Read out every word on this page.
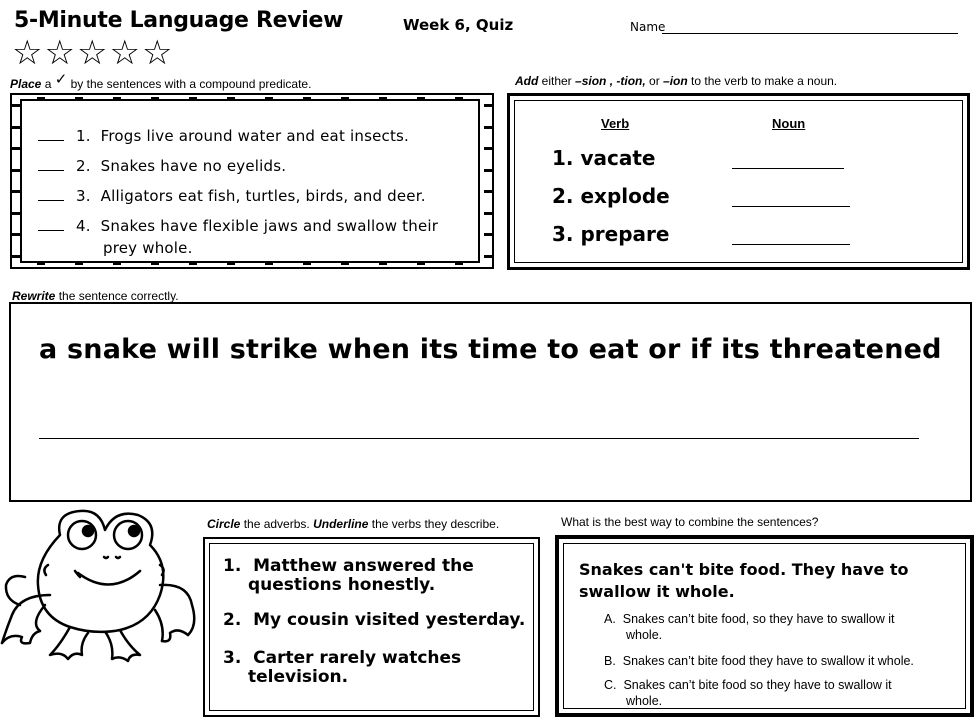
5-Minute Language Review	Week 6, Quiz	Name
☆ ☆ ☆ ☆ ☆
Place a ✓ by the sentences with a compound predicate.
1. Frogs live around water and eat insects.
2. Snakes have no eyelids.
3. Alligators eat fish, turtles, birds, and deer.
4. Snakes have flexible jaws and swallow their
prey whole.
Add either –sion , -tion, or –ion to the verb to make a noun.
Verb	Noun
1. vacate
2. explode
3. prepare
Rewrite the sentence correctly.
a snake will strike when its time to eat or if its threatened
Circle the adverbs. Underline the verbs they describe.
1. Matthew answered the
questions honestly.
2. My cousin visited yesterday.
3. Carter rarely watches
television.
What is the best way to combine the sentences?
Snakes can't bite food. They have to
swallow it whole.
A. Snakes can’t bite food, so they have to swallow it
whole.
B. Snakes can’t bite food they have to swallow it whole.
C. Snakes can’t bite food so they have to swallow it
whole.
